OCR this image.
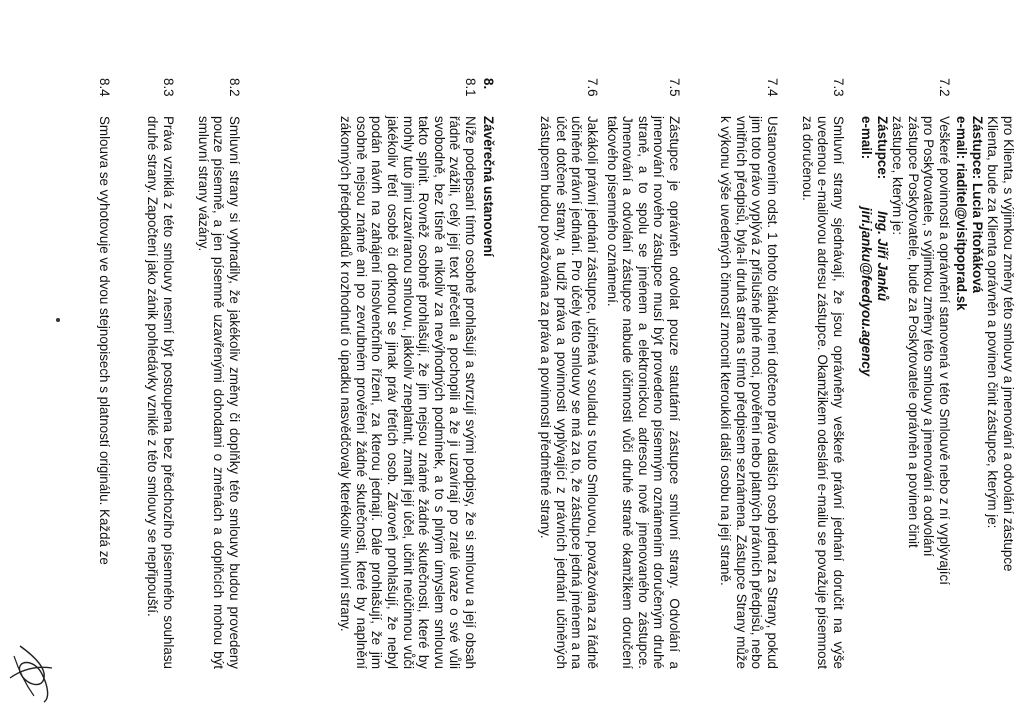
pro Klienta, s výjimkou změny této smlouvy a jmenování a odvolání zástupce

Klienta, bude za Klienta oprávněn a povinen činit zástupce, kterým je:

Zástupce: Lucia Pitoňáková

e-mail: riaditel@visitpoprad.sk

7.2

Veškeré povinnosti a oprávnění stanovená v této Smlouvě nebo z ní vyplývající

pro Poskytovatele, s výjimkou změny této smlouvy a jmenování a odvolání

zástupce Poskytovatele, bude za Poskytovatele oprávněn a povinen činit

zástupce, kterým je:

Zástupce: Ing. Jiří Janků

e-mail: jiri.janku@feedyou.agency

7.3
Smluvní strany sjednávají, že jsou oprávněny veškeré právní jednání doručit na výše uvedenou e-mailovou adresu zástupce. Okamžikem odeslání e-mailu se považuje písemnost za doručenou.
7.4
Ustanovením odst. 1 tohoto článku není dotčeno právo dalších osob jednat za Strany, pokud jim toto právo vyplývá z příslušné plné moci, pověření nebo platných právních předpisů, nebo vnitřních předpisů, byla-li druhá strana s tímto předpisem seznámena. Zástupce Strany může k výkonu výše uvedených činností zmocnit kteroukoli další osobu na její straně.
7.5
Zástupce je oprávněn odvolat pouze statutární zástupce smluvní strany. Odvolání a jmenování nového zástupce musí být provedeno písemným oznámením doručeným druhé straně, a to spolu se jménem a elektronickou adresou nově jmenovaného zástupce. Jmenování a odvolání zástupce nabude účinnosti vůči druhé straně okamžikem doručení takového písemného oznámení.
7.6
Jakákoli právní jednání zástupce, učiněná v souladu s touto Smlouvou, považována za řádně učiněné právní jednání. Pro účely této smlouvy se má za to, že zástupce jedná jménem a na účet dotčené strany, a tudíž práva a povinnosti vyplývající z právních jednání učiněných zástupcem budou považována za práva a povinnosti předmětné strany.
8.
Závěrečná ustanovení
8.1
Níže podepsaní tímto osobně prohlašují a stvrzují svými podpisy, že si smlouvu a její obsah řádně zvážili, celý její text přečetli a pochopili a že ji uzavírají po zralé úvaze o své vůli svobodně, bez tísně a nikoliv za nevýhodných podmínek, a to s plným úmyslem smlouvu takto splnit. Rovněž osobně prohlašují, že jim nejsou známé žádné skutečnosti, které by mohly tuto jimi uzavíranou smlouvu, jakkoliv zneplatnit, zmařit její účel, učinit neúčinnou vůči jakékoliv třetí osobě či dotknout se jinak práv třetích osob. Zároveň prohlašují, že nebyl podán návrh na zahájení insolvenčního řízení, za kterou jednají. Dále prohlašují, že jim osobně nejsou známé ani po zevrubném prověření žádné skutečnosti, které by naplnění zákonných předpokladů k rozhodnutí o úpadku nasvědčovaly kterékoliv smluvní strany.
8.2
Smluvní strany si vyhradily, že jakékoliv změny či doplňky této smlouvy budou provedeny pouze písemně, a jen písemně uzavřenými dohodami o změnách a doplňcích mohou být smluvní strany vázány.
8.3
Práva vzniklá z této smlouvy nesmí být postoupena bez předchozího písemného souhlasu druhé strany. Započtení jako zánik pohledávky vzniklé z této smlouvy se nepřipouští.
8.4
Smlouva se vyhotovuje ve dvou stejnopisech s platností originálu. Každá ze
